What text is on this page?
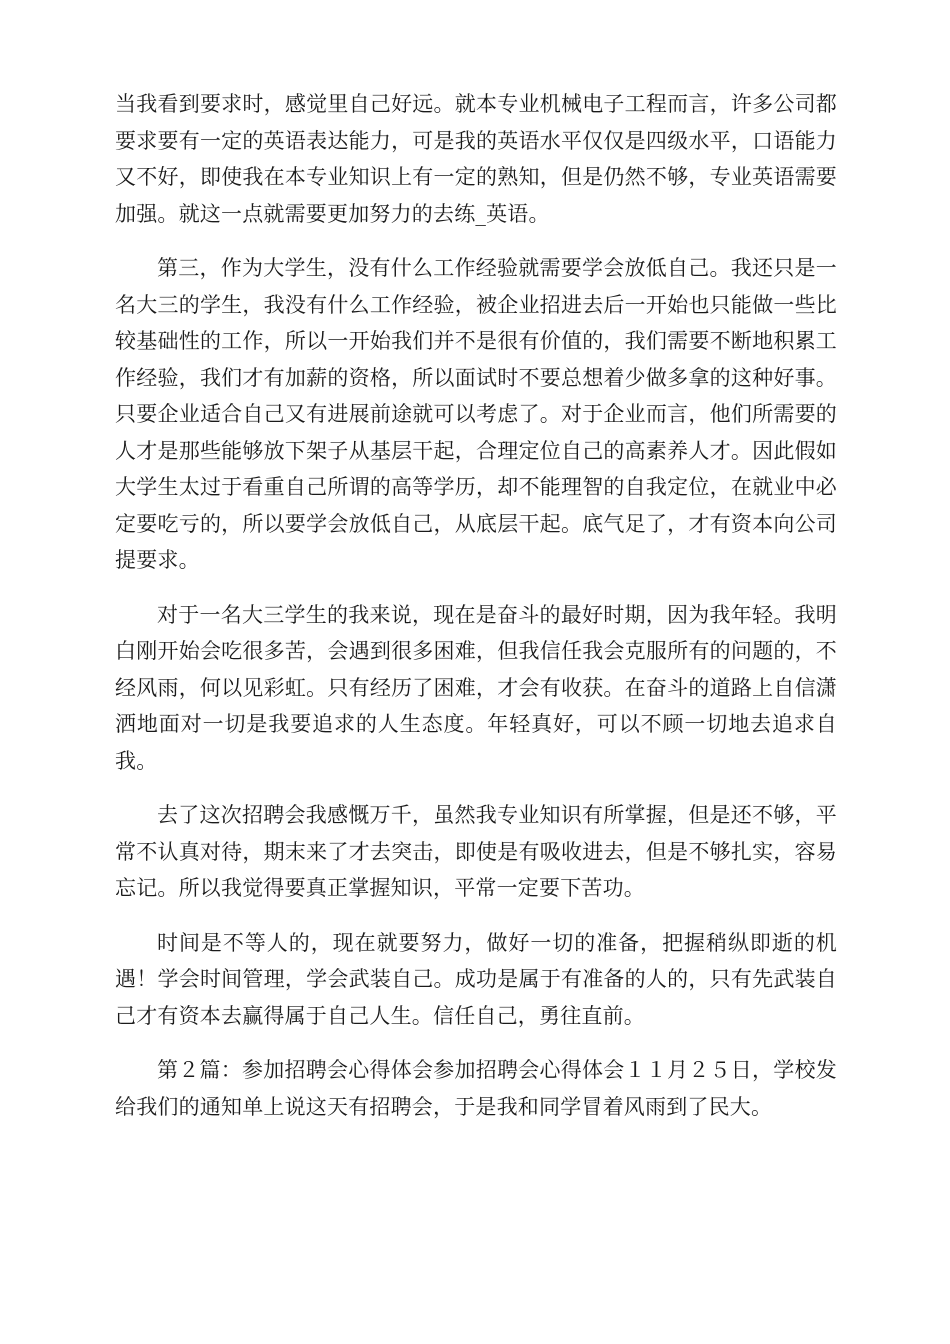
当我看到要求时，感觉里自己好远。就本专业机械电子工程而言，许多公司都要求要有一定的英语表达能力，可是我的英语水平仅仅是四级水平，口语能力又不好，即使我在本专业知识上有一定的熟知，但是仍然不够，专业英语需要加强。就这一点就需要更加努力的去练_英语。

第三，作为大学生，没有什么工作经验就需要学会放低自己。我还只是一名大三的学生，我没有什么工作经验，被企业招进去后一开始也只能做一些比较基础性的工作，所以一开始我们并不是很有价值的，我们需要不断地积累工作经验，我们才有加薪的资格，所以面试时不要总想着少做多拿的这种好事。只要企业适合自己又有进展前途就可以考虑了。对于企业而言，他们所需要的人才是那些能够放下架子从基层干起，合理定位自己的高素养人才。因此假如大学生太过于看重自己所谓的高等学历，却不能理智的自我定位，在就业中必定要吃亏的，所以要学会放低自己，从底层干起。底气足了，才有资本向公司提要求。

对于一名大三学生的我来说，现在是奋斗的最好时期，因为我年轻。我明白刚开始会吃很多苦，会遇到很多困难，但我信任我会克服所有的问题的，不经风雨，何以见彩虹。只有经历了困难，才会有收获。在奋斗的道路上自信潇洒地面对一切是我要追求的人生态度。年轻真好，可以不顾一切地去追求自我。

去了这次招聘会我感慨万千，虽然我专业知识有所掌握，但是还不够，平常不认真对待，期末来了才去突击，即使是有吸收进去，但是不够扎实，容易忘记。所以我觉得要真正掌握知识，平常一定要下苦功。

时间是不等人的，现在就要努力，做好一切的准备，把握稍纵即逝的机遇！学会时间管理，学会武装自己。成功是属于有准备的人的，只有先武装自己才有资本去赢得属于自己人生。信任自己，勇往直前。

第２篇：参加招聘会心得体会参加招聘会心得体会１１月２５日，学校发给我们的通知单上说这天有招聘会，于是我和同学冒着风雨到了民大。
